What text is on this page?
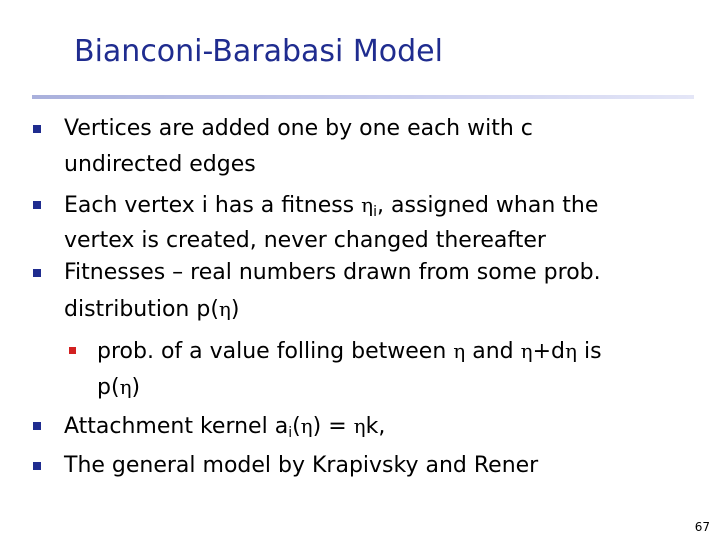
Bianconi-Barabasi Model
Vertices are added one by one each with c
undirected edges
Each vertex i has a fitness $\eta_i$, assigned whan the
vertex is created, never changed thereafter
Fitnesses – real numbers drawn from some prob.
distribution p(η)
prob. of a value folling between η and η+dη is
p(η)
Attachment kernel $a_i(\eta) = \eta k$,
The general model by Krapivsky and Rener
67
